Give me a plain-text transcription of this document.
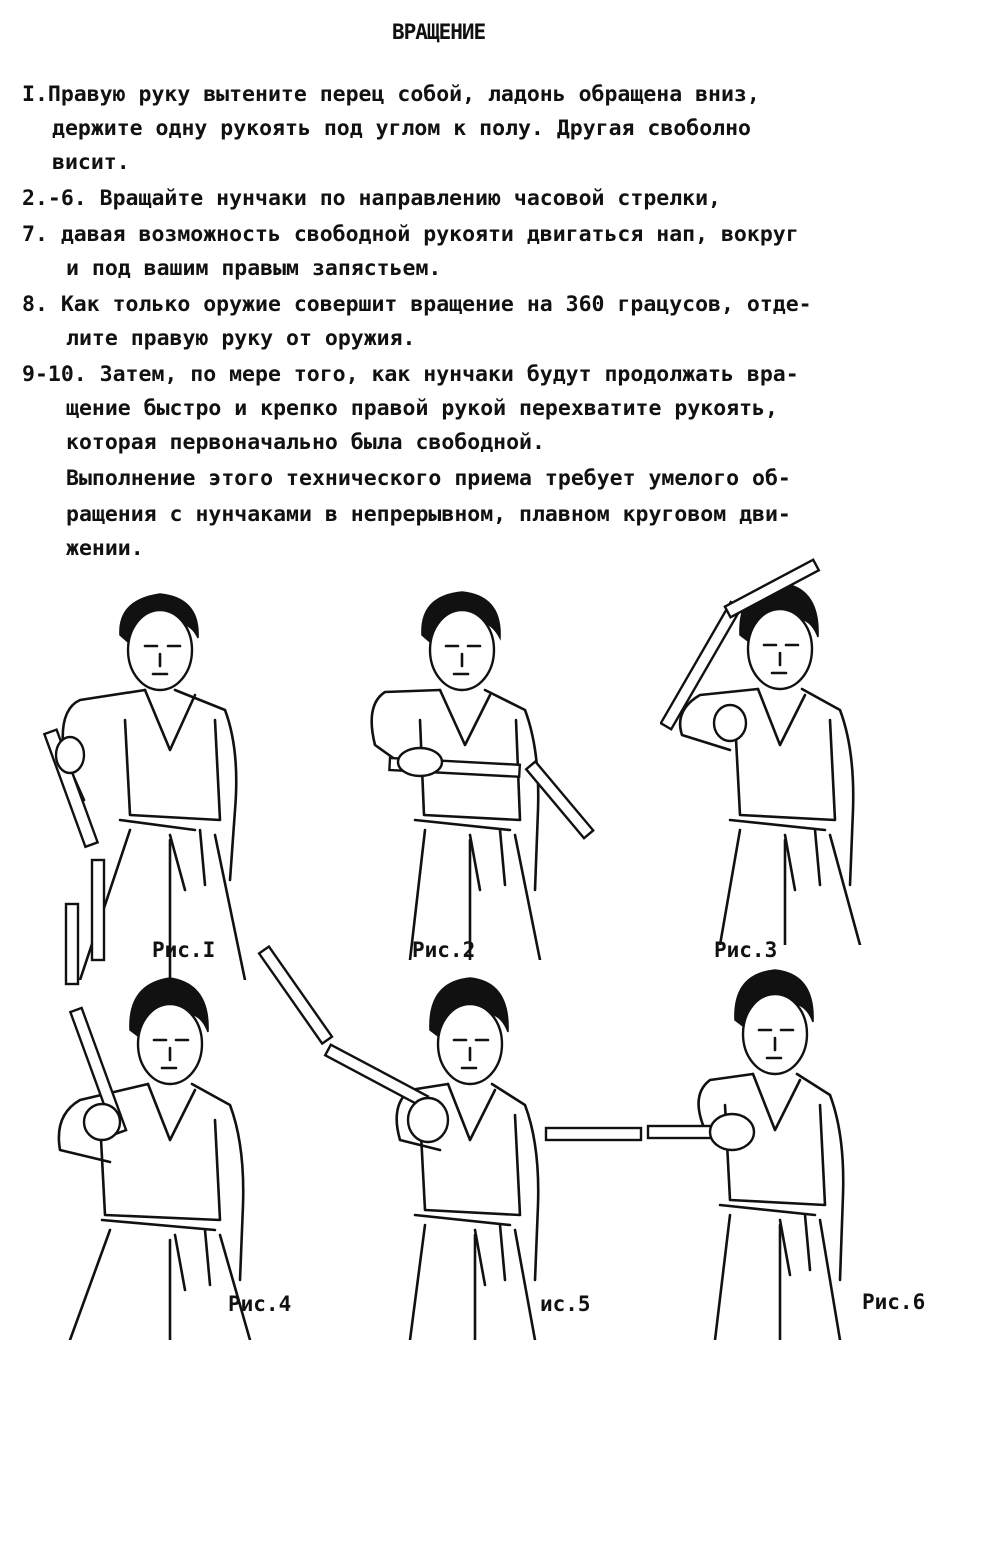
ВРАЩЕНИЕ
I.Правую руку вытените перец собой, ладонь обращена вниз,
держите одну рукоять под углом к полу. Другая своболно
висит.
2.-6. Вращайте нунчаки по направлению часовой стрелки,
7. давая возможность свободной рукояти двигаться нап, вокруг
и под вашим правым запястьем.
8. Как только оружие совершит вращение на 360 грацусов, отде-
лите правую руку от оружия.
9-10. Затем, по мере того, как нунчаки будут продолжать вра-
щение быстро и крепко правой рукой перехватите рукоять,
которая первоначально была свободной.
Выполнение этого технического приема требует умелого об-
ращения с нунчаками в непрерывном, плавном круговом дви-
жении.
Рис.I	Рис.2	Рис.3
Рис.4	ис.5	Рис.6
